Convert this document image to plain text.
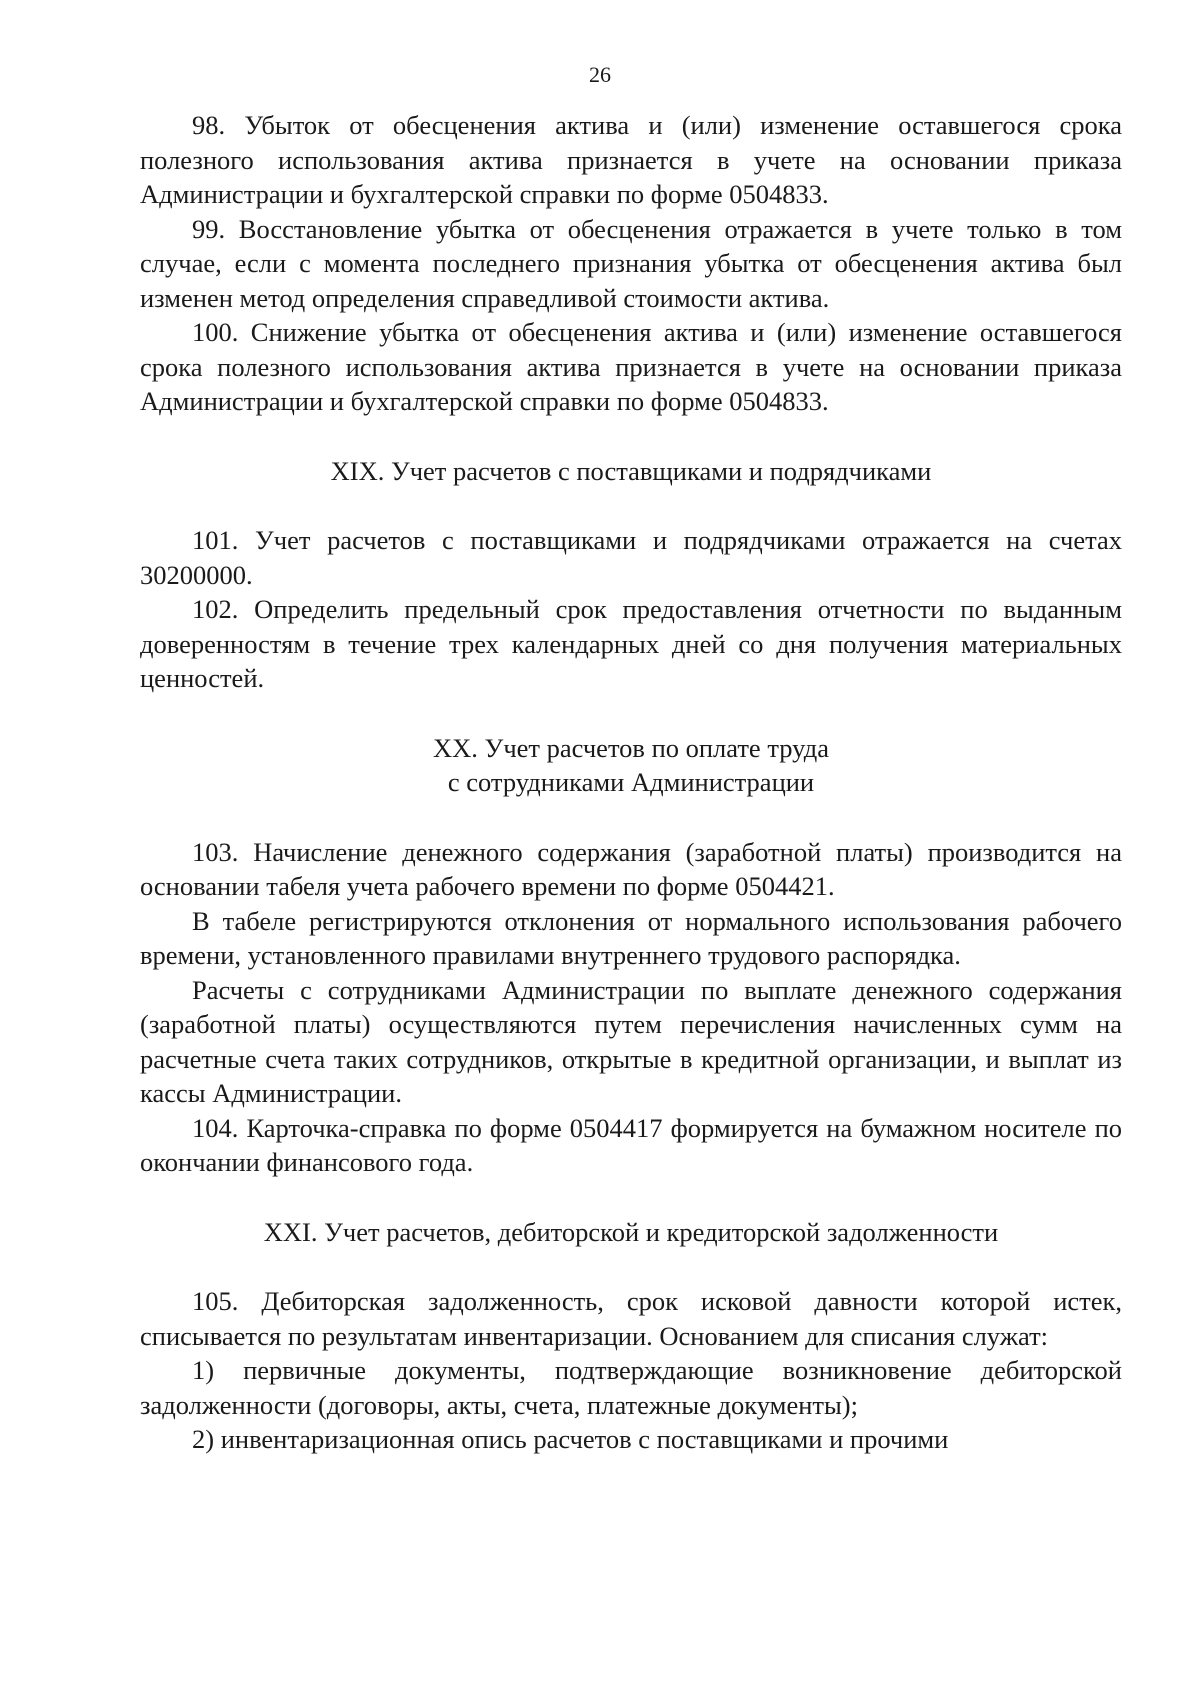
26

98. Убыток от обесценения актива и (или) изменение оставшегося срока полезного использования актива признается в учете на основании приказа Администрации и бухгалтерской справки по форме 0504833.

99. Восстановление убытка от обесценения отражается в учете только в том случае, если с момента последнего признания убытка от обесценения актива был изменен метод определения справедливой стоимости актива.

100. Снижение убытка от обесценения актива и (или) изменение оставшегося срока полезного использования актива признается в учете на основании приказа Администрации и бухгалтерской справки по форме 0504833.

XIX. Учет расчетов с поставщиками и подрядчиками

101. Учет расчетов с поставщиками и подрядчиками отражается на счетах 30200000.

102. Определить предельный срок предоставления отчетности по выданным доверенностям в течение трех календарных дней со дня получения материальных ценностей.

XX. Учет расчетов по оплате труда
с сотрудниками Администрации

103. Начисление денежного содержания (заработной платы) производится на основании табеля учета рабочего времени по форме 0504421.

В табеле регистрируются отклонения от нормального использования рабочего времени, установленного правилами внутреннего трудового распорядка.

Расчеты с сотрудниками Администрации по выплате денежного содержания (заработной платы) осуществляются путем перечисления начисленных сумм на расчетные счета таких сотрудников, открытые в кредитной организации, и выплат из кассы Администрации.

104. Карточка-справка по форме 0504417 формируется на бумажном носителе по окончании финансового года.

XXI. Учет расчетов, дебиторской и кредиторской задолженности

105. Дебиторская задолженность, срок исковой давности которой истек, списывается по результатам инвентаризации. Основанием для списания служат:

1) первичные документы, подтверждающие возникновение дебиторской задолженности (договоры, акты, счета, платежные документы);

2) инвентаризационная опись расчетов с поставщиками и прочими
